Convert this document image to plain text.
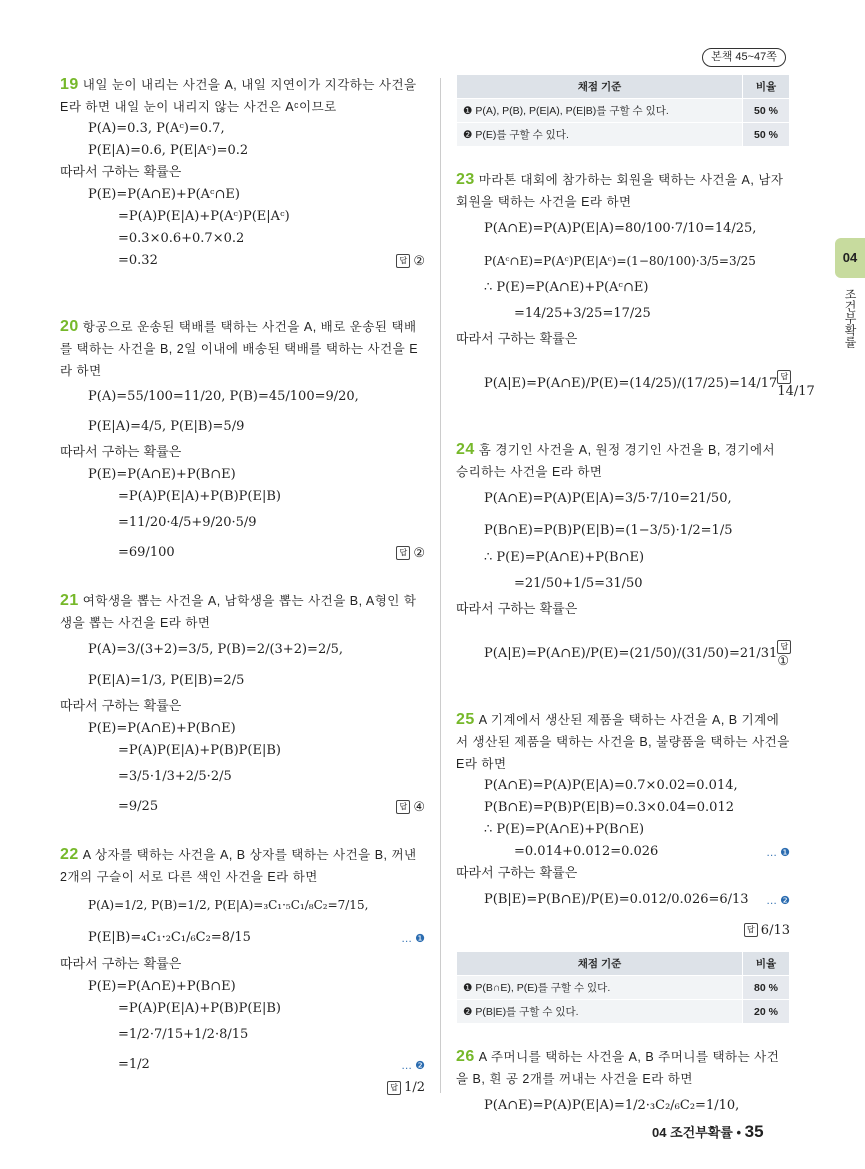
본책 45~47쪽
04
조건부확률
19 내일 눈이 내리는 사건을 A, 내일 지연이가 지각하는 사건을 E라 하면 내일 눈이 내리지 않는 사건은 Aᶜ이므로
P(A)=0.3, P(Aᶜ)=0.7,
P(E|A)=0.6, P(E|Aᶜ)=0.2
따라서 구하는 확률은
P(E)=P(A∩E)+P(Aᶜ∩E)
=P(A)P(E|A)+P(Aᶜ)P(E|Aᶜ)
=0.3×0.6+0.7×0.2
=0.32	답 ②
20 항공으로 운송된 택배를 택하는 사건을 A, 배로 운송된 택배를 택하는 사건을 B, 2일 이내에 배송된 택배를 택하는 사건을 E라 하면
P(A)=55/100=11/20, P(B)=45/100=9/20,
P(E|A)=4/5, P(E|B)=5/9
따라서 구하는 확률은
P(E)=P(A∩E)+P(B∩E)
=P(A)P(E|A)+P(B)P(E|B)
=11/20·4/5+9/20·5/9
=69/100	답 ②
21 여학생을 뽑는 사건을 A, 남학생을 뽑는 사건을 B, A형인 학생을 뽑는 사건을 E라 하면
P(A)=3/(3+2)=3/5, P(B)=2/(3+2)=2/5,
P(E|A)=1/3, P(E|B)=2/5
따라서 구하는 확률은
P(E)=P(A∩E)+P(B∩E)
=P(A)P(E|A)+P(B)P(E|B)
=3/5·1/3+2/5·2/5
=9/25	답 ④
22 A 상자를 택하는 사건을 A, B 상자를 택하는 사건을 B, 꺼낸 2개의 구슬이 서로 다른 색인 사건을 E라 하면
P(A)=1/2, P(B)=1/2, P(E|A)=₃C₁·₅C₁/₈C₂=7/15,
P(E|B)=₄C₁·₂C₁/₆C₂=8/15	… ❶
따라서 구하는 확률은
P(E)=P(A∩E)+P(B∩E)
=P(A)P(E|A)+P(B)P(E|B)
=1/2·7/15+1/2·8/15
=1/2	… ❷
답 1/2
채점 기준	비율
❶ P(A), P(B), P(E|A), P(E|B)를 구할 수 있다.	50 %
❷ P(E)를 구할 수 있다.	50 %
23 마라톤 대회에 참가하는 회원을 택하는 사건을 A, 남자 회원을 택하는 사건을 E라 하면
P(A∩E)=P(A)P(E|A)=80/100·7/10=14/25,
P(Aᶜ∩E)=P(Aᶜ)P(E|Aᶜ)=(1−80/100)·3/5=3/25
∴ P(E)=P(A∩E)+P(Aᶜ∩E)
=14/25+3/25=17/25
따라서 구하는 확률은
P(A|E)=P(A∩E)/P(E)=(14/25)/(17/25)=14/17 답14/17
24 홈 경기인 사건을 A, 원정 경기인 사건을 B, 경기에서 승리하는 사건을 E라 하면
P(A∩E)=P(A)P(E|A)=3/5·7/10=21/50,
P(B∩E)=P(B)P(E|B)=(1−3/5)·1/2=1/5
∴ P(E)=P(A∩E)+P(B∩E)
=21/50+1/5=31/50
따라서 구하는 확률은
P(A|E)=P(A∩E)/P(E)=(21/50)/(31/50)=21/31 답①
25 A 기계에서 생산된 제품을 택하는 사건을 A, B 기계에서 생산된 제품을 택하는 사건을 B, 불량품을 택하는 사건을 E라 하면
P(A∩E)=P(A)P(E|A)=0.7×0.02=0.014,
P(B∩E)=P(B)P(E|B)=0.3×0.04=0.012
∴ P(E)=P(A∩E)+P(B∩E)
=0.014+0.012=0.026	… ❶
따라서 구하는 확률은
P(B|E)=P(B∩E)/P(E)=0.012/0.026=6/13 … ❷
답 6/13
채점 기준	비율
❶ P(B∩E), P(E)를 구할 수 있다.	80 %
❷ P(B|E)를 구할 수 있다.	20 %
26 A 주머니를 택하는 사건을 A, B 주머니를 택하는 사건을 B, 흰 공 2개를 꺼내는 사건을 E라 하면
P(A∩E)=P(A)P(E|A)=1/2·₃C₂/₆C₂=1/10,
04 조건부확률 • 35
